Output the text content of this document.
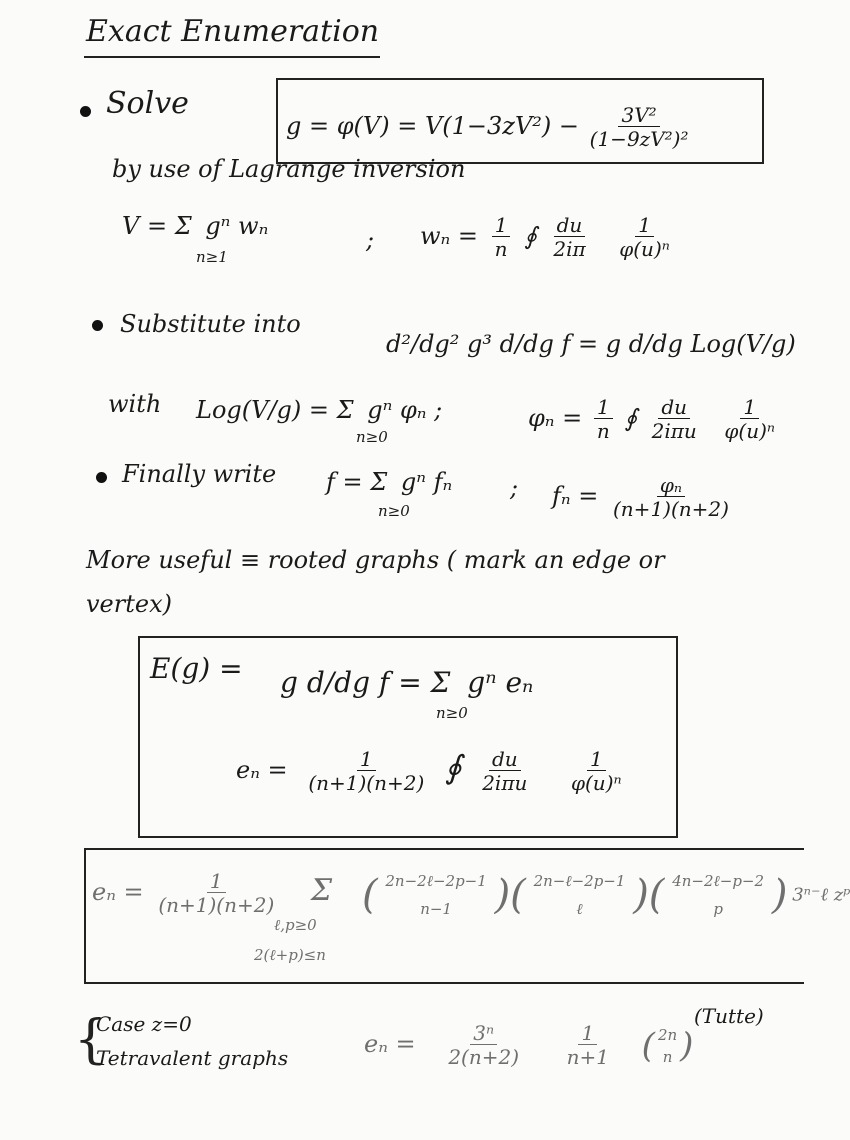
Exact Enumeration
Solve
$g = \varphi(V) = V(1-3zV^2) - \frac{\text{3V²}}{\text{(1−9zV²)²}}$
by use of Lagrange inversion
V = Σ gⁿ wₙ
n≥1
; $w_n = \frac{1}{n}$ ∮ $\frac{du}{2i\pi}$
$\frac{1}{\text{φ(u)ⁿ}}$
Substitute into
d²/dg² g³ d/dg f = g d/dg Log(V/g)
with Log(V/g) = Σ gⁿ φₙ ;
n≥0
$\varphi_n = \frac{1}{n}$ ∮ $\frac{du}{\text{2iπu}}$
$\frac{1}{\text{φ(u)ⁿ}}$
Finally write f = Σ gⁿ fₙ
n≥0
; $f_n = \frac{\text{φₙ}}{(n+1)(n+2)}$
More useful ≡ rooted graphs ( mark an edge or
vertex)
E(g) = g d/dg f = Σ gⁿ eₙ
n≥0
$e_n = \frac{1}{(n+1)(n+2)}$ ∮ $\frac{du}{\text{2iπu}}$
$\frac{1}{\text{φ(u)ⁿ}}$
$e_n = \frac{1}{(n+1)(n+2)}$ Σ
ℓ,p≥0
2(ℓ+p)≤n
( 2n−2ℓ−2p−1
n−1 )( 2n−ℓ−2p−1
ℓ )( 4n−2ℓ−p−2
p ) 3ⁿ⁻ℓ zᵖ
{
Case z=0
Tetravalent graphs	$e_n = \frac{\text{3ⁿ}}{2(n+2)}$
$\frac{1}{n+1}$ ( 2n
n )
(Tutte)
